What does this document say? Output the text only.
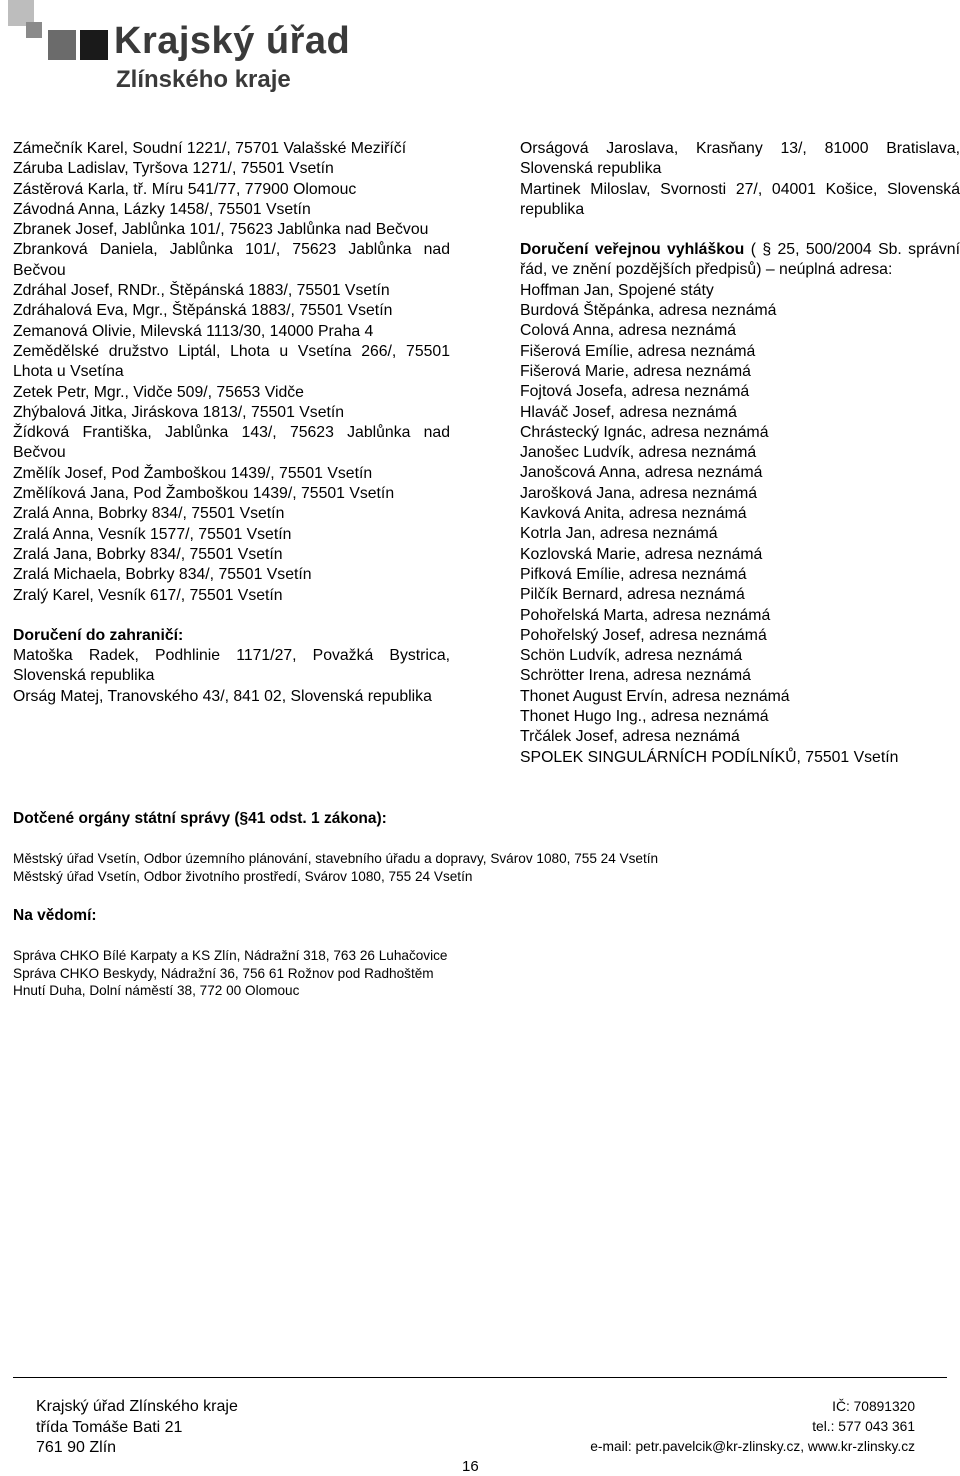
Krajský úřad
Zlínského kraje
Zámečník Karel, Soudní 1221/, 75701 Valašské Meziříčí
Záruba Ladislav, Tyršova 1271/, 75501 Vsetín
Zástěrová Karla, tř. Míru 541/77, 77900 Olomouc
Závodná Anna, Lázky 1458/, 75501 Vsetín
Zbranek Josef, Jablůnka 101/, 75623 Jablůnka nad Bečvou
Zbranková Daniela, Jablůnka 101/, 75623 Jablůnka nad Bečvou
Zdráhal Josef, RNDr., Štěpánská 1883/, 75501 Vsetín
Zdráhalová Eva, Mgr., Štěpánská 1883/, 75501 Vsetín
Zemanová Olivie, Milevská 1113/30, 14000 Praha 4
Zemědělské družstvo Liptál, Lhota u Vsetína 266/, 75501 Lhota u Vsetína
Zetek Petr, Mgr., Vidče 509/, 75653 Vidče
Zhýbalová Jitka, Jiráskova 1813/, 75501 Vsetín
Žídková Františka, Jablůnka 143/, 75623 Jablůnka nad Bečvou
Změlík Josef, Pod Žamboškou 1439/, 75501 Vsetín
Změlíková Jana, Pod Žamboškou 1439/, 75501 Vsetín
Zralá Anna, Bobrky 834/, 75501 Vsetín
Zralá Anna, Vesník 1577/, 75501 Vsetín
Zralá Jana, Bobrky 834/, 75501 Vsetín
Zralá Michaela, Bobrky 834/, 75501 Vsetín
Zralý Karel, Vesník 617/, 75501 Vsetín
Doručení do zahraničí:
Matoška Radek, Podhlinie 1171/27, Považká Bystrica, Slovenská republika
Orság Matej, Tranovského 43/, 841 02, Slovenská republika
Orságová Jaroslava, Krasňany 13/, 81000 Bratislava, Slovenská republika
Martinek Miloslav, Svornosti 27/, 04001 Košice, Slovenská republika
Doručení veřejnou vyhláškou ( § 25, 500/2004 Sb. správní řád, ve znění pozdějších předpisů) – neúplná adresa:
Hoffman Jan, Spojené státy
Burdová Štěpánka, adresa neznámá
Colová Anna, adresa neznámá
Fišerová Emílie, adresa neznámá
Fišerová Marie, adresa neznámá
Fojtová Josefa, adresa neznámá
Hlaváč Josef, adresa neznámá
Chrástecký Ignác, adresa neznámá
Janošec Ludvík, adresa neznámá
Janošcová Anna, adresa neznámá
Jarošková Jana, adresa neznámá
Kavková Anita, adresa neznámá
Kotrla Jan, adresa neznámá
Kozlovská Marie, adresa neznámá
Pifková Emílie, adresa neznámá
Pilčík Bernard, adresa neznámá
Pohořelská Marta, adresa neznámá
Pohořelský Josef, adresa neznámá
Schön Ludvík, adresa neznámá
Schrötter Irena, adresa neznámá
Thonet August Ervín, adresa neznámá
Thonet Hugo Ing., adresa neznámá
Trčálek Josef, adresa neznámá
SPOLEK SINGULÁRNÍCH PODÍLNÍKŮ, 75501 Vsetín
Dotčené orgány státní správy (§41 odst. 1 zákona):
Městský úřad Vsetín, Odbor územního plánování, stavebního úřadu a dopravy, Svárov 1080, 755 24 Vsetín
Městský úřad Vsetín, Odbor životního prostředí, Svárov 1080, 755 24 Vsetín
Na vědomí:
Správa CHKO Bílé Karpaty a KS Zlín, Nádražní 318, 763 26 Luhačovice
Správa CHKO Beskydy, Nádražní 36, 756 61 Rožnov pod Radhoštěm
Hnutí Duha, Dolní náměstí 38, 772 00 Olomouc
Krajský úřad Zlínského kraje
třída Tomáše Bati 21
761 90 Zlín
IČ: 70891320
tel.: 577 043 361
e-mail: petr.pavelcik@kr-zlinsky.cz, www.kr-zlinsky.cz
16
